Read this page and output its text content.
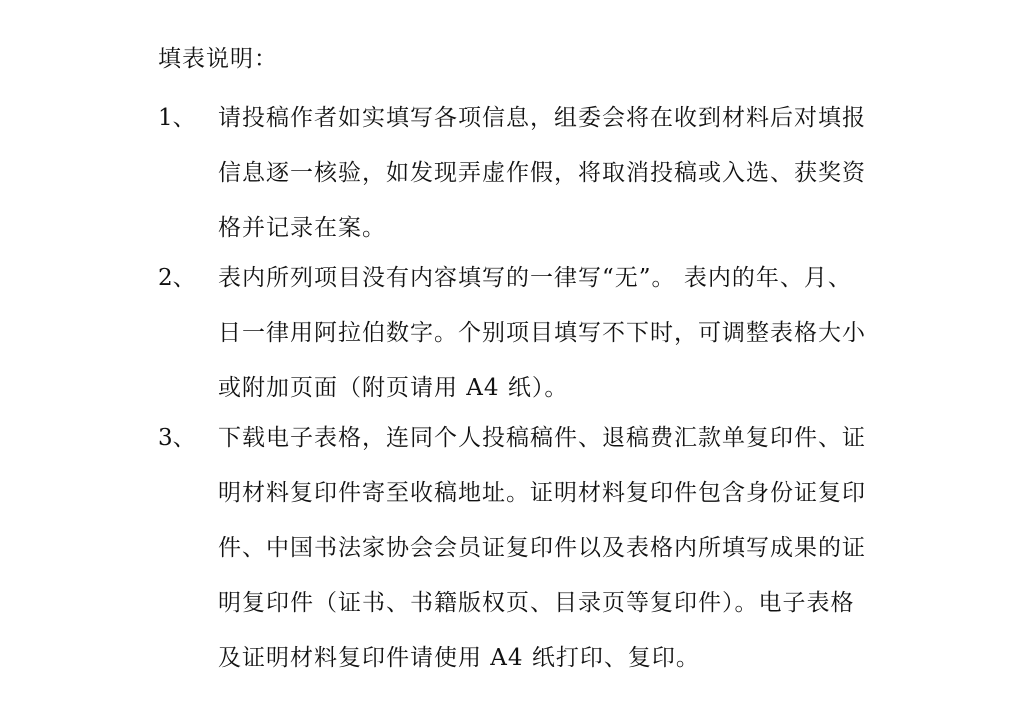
填表说明：
1、 请投稿作者如实填写各项信息，组委会将在收到材料后对填报
信息逐一核验，如发现弄虚作假，将取消投稿或入选、获奖资
格并记录在案。
2、 表内所列项目没有内容填写的一律写“无”。 表内的年、月、
日一律用阿拉伯数字。个别项目填写不下时，可调整表格大小
或附加页面（附页请用 A4 纸）。
3、 下载电子表格，连同个人投稿稿件、退稿费汇款单复印件、证
明材料复印件寄至收稿地址。证明材料复印件包含身份证复印
件、中国书法家协会会员证复印件以及表格内所填写成果的证
明复印件（证书、书籍版权页、目录页等复印件）。电子表格
及证明材料复印件请使用 A4 纸打印、复印。
